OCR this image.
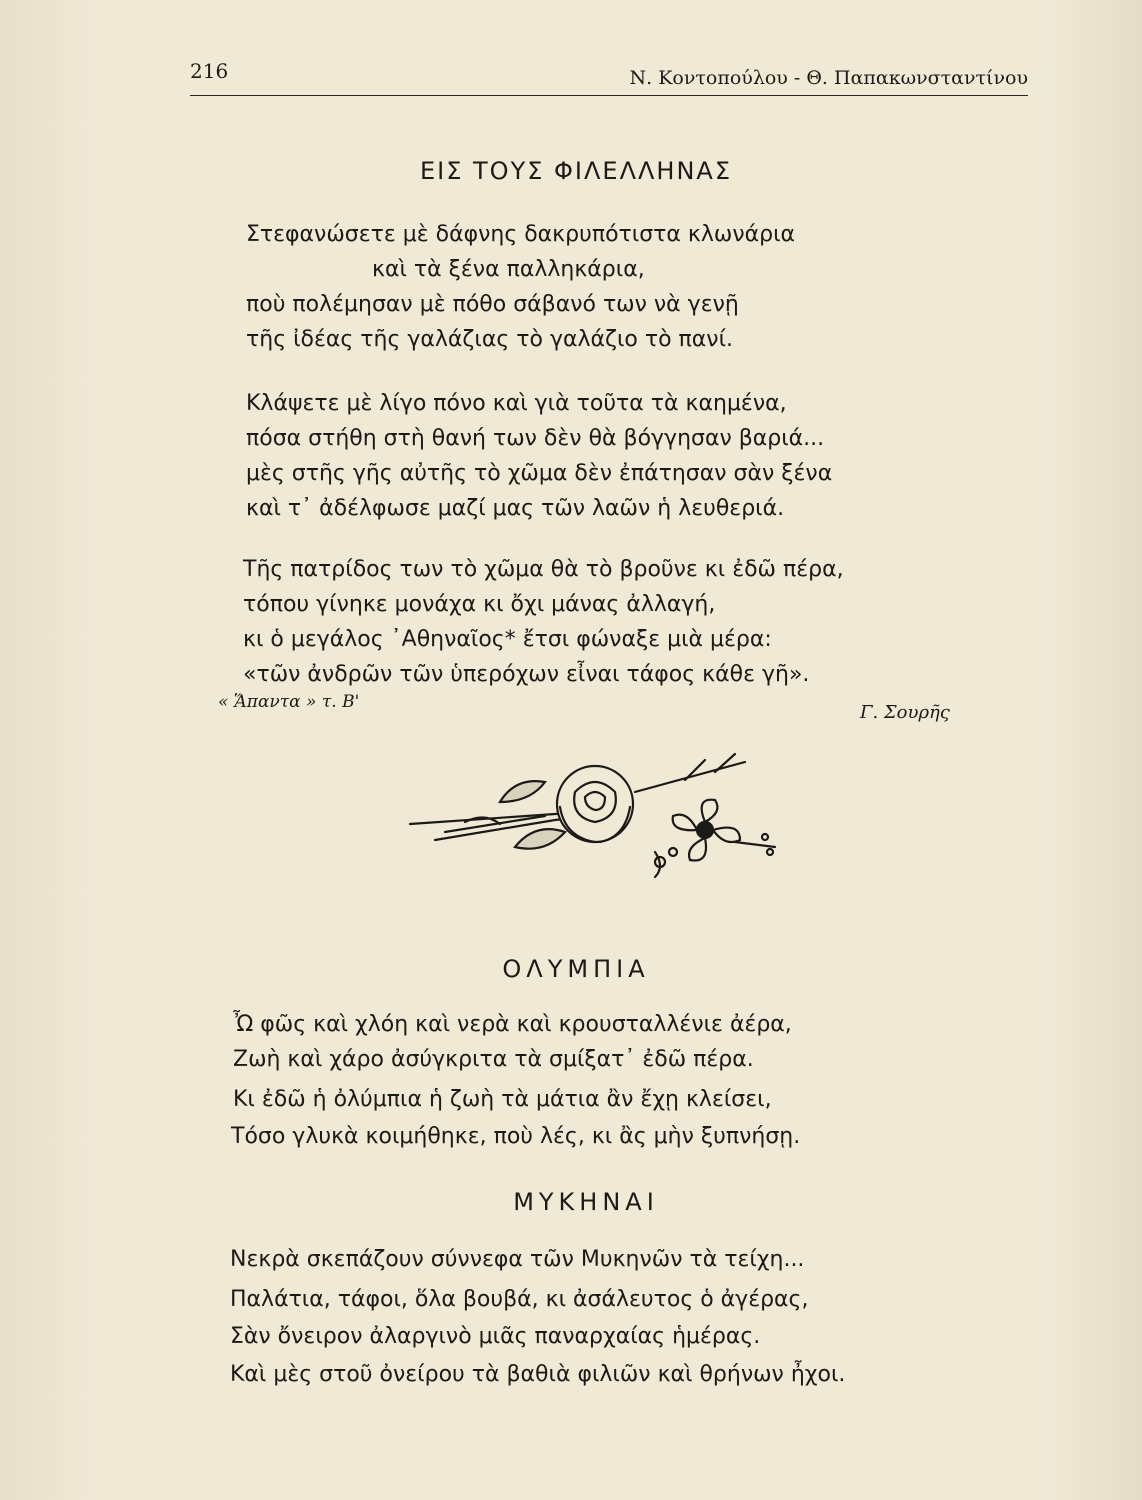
216	Ν. Κοντοπούλου - Θ. Παπακωνσταντίνου
ΕΙΣ ΤΟΥΣ ΦΙΛΕΛΛΗΝΑΣ
Στεφανώσετε μὲ δάφνης δακρυπότιστα κλωνάρια
καὶ τὰ ξένα παλληκάρια,
ποὺ πολέμησαν μὲ πόθο σάβανό των νὰ γενῇ
τῆς ἰδέας τῆς γαλάζιας τὸ γαλάζιο τὸ πανί.
Κλάψετε μὲ λίγο πόνο καὶ γιὰ τοῦτα τὰ καημένα,
πόσα στήθη στὴ θανή των δὲν θὰ βόγγησαν βαριά...
μὲς στῆς γῆς αὐτῆς τὸ χῶμα δὲν ἐπάτησαν σὰν ξένα
καὶ τ᾽ ἀδέλφωσε μαζί μας τῶν λαῶν ἡ λευθεριά.
Τῆς πατρίδος των τὸ χῶμα θὰ τὸ βροῦνε κι ἐδῶ πέρα,
τόπου γίνηκε μονάχα κι ὄχι μάνας ἀλλαγή,
κι ὁ μεγάλος ᾽Αθηναῖος* ἔτσι φώναξε μιὰ μέρα:
«τῶν ἀνδρῶν τῶν ὑπερόχων εἶναι τάφος κάθε γῆ».
« Ἅπαντα » τ. Β'	Γ. Σουρῆς
ΟΛΥΜΠΙΑ
Ὦ φῶς καὶ χλόη καὶ νερὰ καὶ κρουσταλλένιε ἀέρα,
Ζωὴ καὶ χάρο ἀσύγκριτα τὰ σμίξατ᾽ ἐδῶ πέρα.
Κι ἐδῶ ἡ ὀλύμπια ἡ ζωὴ τὰ μάτια ἂν ἔχῃ κλείσει,
Τόσο γλυκὰ κοιμήθηκε, ποὺ λές, κι ἂς μὴν ξυπνήσῃ.
ΜΥΚΗΝΑΙ
Νεκρὰ σκεπάζουν σύννεφα τῶν Μυκηνῶν τὰ τείχη...
Παλάτια, τάφοι, ὅλα βουβά, κι ἀσάλευτος ὁ ἀγέρας,
Σὰν ὄνειρον ἀλαργινὸ μιᾶς παναρχαίας ἡμέρας.
Καὶ μὲς στοῦ ὀνείρου τὰ βαθιὰ φιλιῶν καὶ θρήνων ἦχοι.
